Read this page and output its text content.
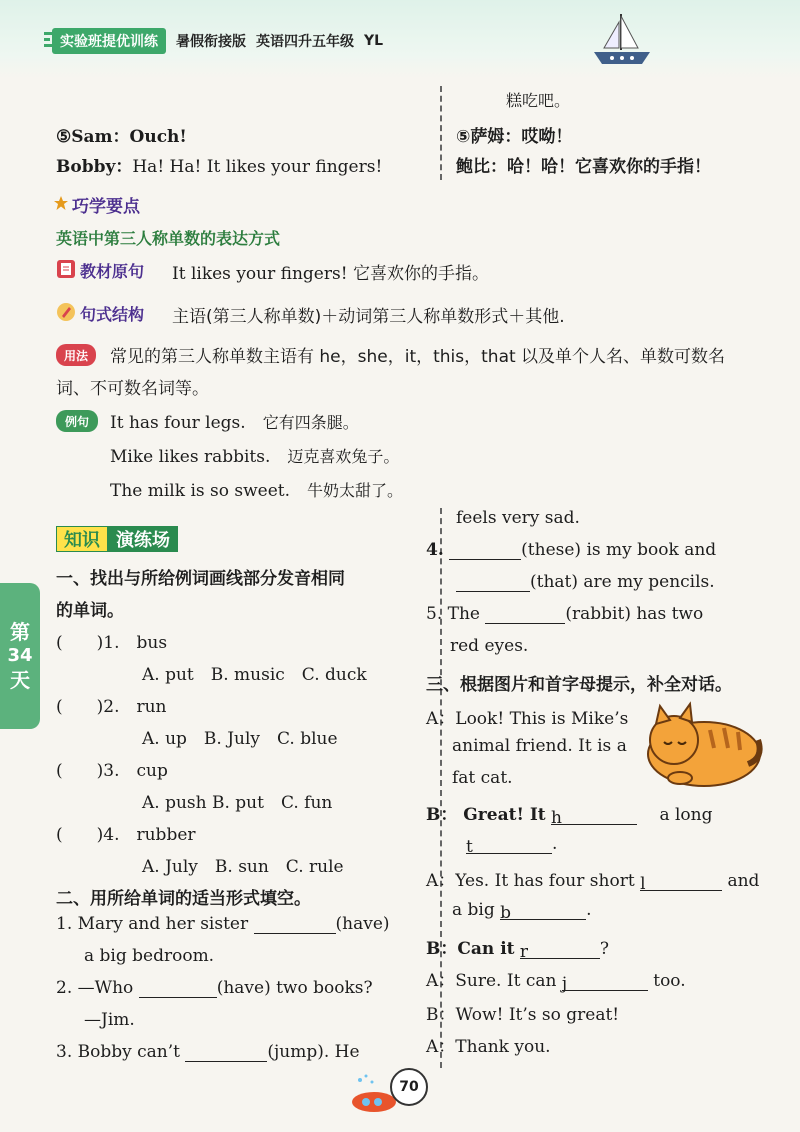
实验班提优训练	暑假衔接版 英语四升五年级 YL
糕吃吧。
⑤Sam：Ouch!
Bobby：Ha! Ha! It likes your fingers!
⑤萨姆：哎呦！
鲍比：哈！哈！它喜欢你的手指！
巧学要点
英语中第三人称单数的表达方式
教材原句 It likes your fingers! 它喜欢你的手指。
句式结构 主语(第三人称单数)＋动词第三人称单数形式＋其他.
用法	常见的第三人称单数主语有 he，she，it，this，that 以及单个人名、单数可数名
词、不可数名词等。
例句	It has four legs.　 它有四条腿。
Mike likes rabbits.　 迈克喜欢兔子。
The milk is so sweet.　 牛奶太甜了。
知识 演练场
第
34
天
一、找出与所给例词画线部分发音相同
的单词。
(　　)1.　 bus
A. put　B. music　C. duck
(　　)2.　 run
A. up　B. July　C. blue
(　　)3.　 cup
A. push B. put　C. fun
(　　)4.　 rubber
A. July　B. sun　C. rule
二、用所给单词的适当形式填空。
1. Mary and her sister	(have)
a big bedroom.
2. —Who	(have) two books?
—Jim.
3. Bobby can’t	(jump). He
feels very sad.
4.	(these) is my book and
(that) are my pencils.
5. The	(rabbit) has two
red eyes.
三、根据图片和首字母提示，补全对话。
A：Look! This is Mike’s
animal friend. It is a
fat cat.
B： Great! It h　	a long
t	.
A：Yes. It has four short l	and
a big b	.
B：Can it r	?
A：Sure. It can j	too.
B：Wow! It’s so great!
A：Thank you.
70
